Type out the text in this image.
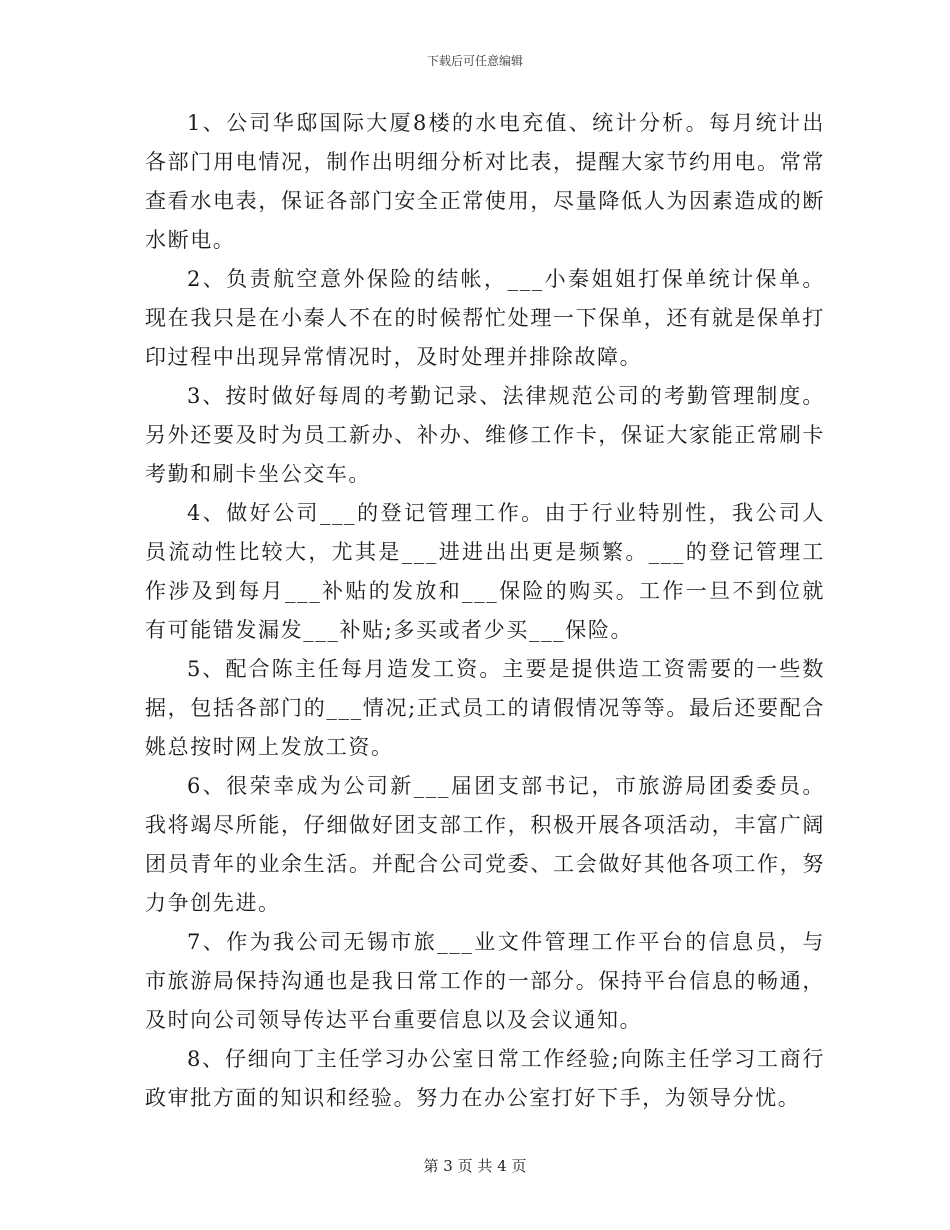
下载后可任意编辑

1、公司华邸国际大厦8楼的水电充值、统计分析。每月统计出各部门用电情况，制作出明细分析对比表，提醒大家节约用电。常常查看水电表，保证各部门安全正常使用，尽量降低人为因素造成的断水断电。

2、负责航空意外保险的结帐，___小秦姐姐打保单统计保单。现在我只是在小秦人不在的时候帮忙处理一下保单，还有就是保单打印过程中出现异常情况时，及时处理并排除故障。

3、按时做好每周的考勤记录、法律规范公司的考勤管理制度。另外还要及时为员工新办、补办、维修工作卡，保证大家能正常刷卡考勤和刷卡坐公交车。

4、做好公司___的登记管理工作。由于行业特别性，我公司人员流动性比较大，尤其是___进进出出更是频繁。___的登记管理工作涉及到每月___补贴的发放和___保险的购买。工作一旦不到位就有可能错发漏发___补贴;多买或者少买___保险。

5、配合陈主任每月造发工资。主要是提供造工资需要的一些数据，包括各部门的___情况;正式员工的请假情况等等。最后还要配合姚总按时网上发放工资。

6、很荣幸成为公司新___届团支部书记，市旅游局团委委员。我将竭尽所能，仔细做好团支部工作，积极开展各项活动，丰富广阔团员青年的业余生活。并配合公司党委、工会做好其他各项工作，努力争创先进。

7、作为我公司无锡市旅___业文件管理工作平台的信息员，与市旅游局保持沟通也是我日常工作的一部分。保持平台信息的畅通，及时向公司领导传达平台重要信息以及会议通知。

8、仔细向丁主任学习办公室日常工作经验;向陈主任学习工商行政审批方面的知识和经验。努力在办公室打好下手，为领导分忧。

第 3 页 共 4 页
